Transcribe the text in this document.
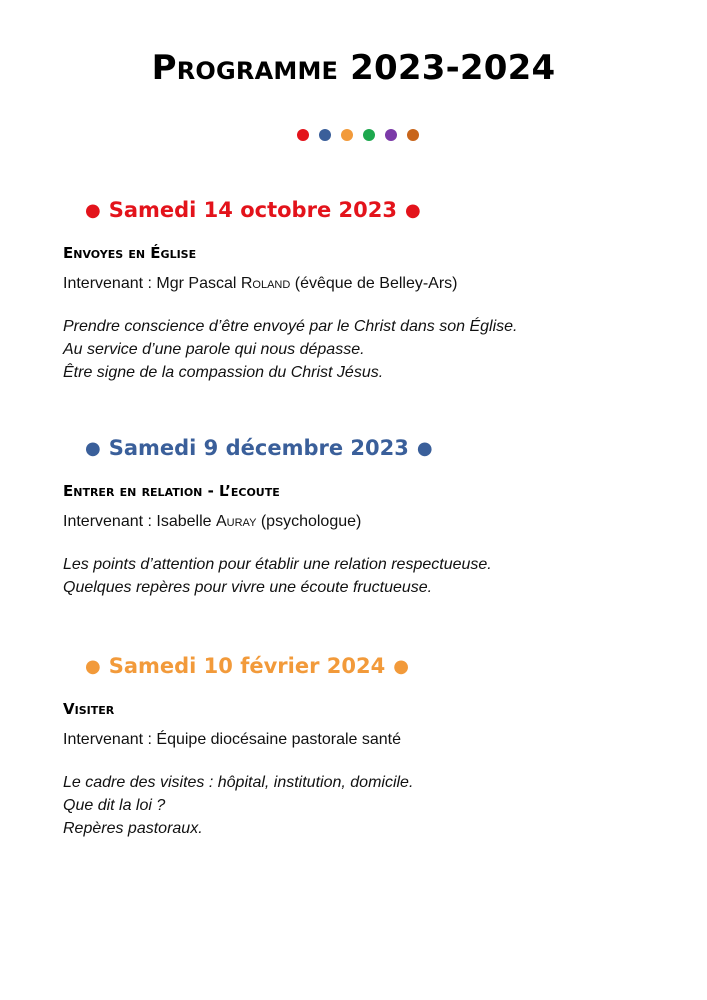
Programme 2023-2024

● Samedi 14 octobre 2023 ●

Envoyes en Église

Intervenant : Mgr Pascal Roland (évêque de Belley-Ars)

Prendre conscience d’être envoyé par le Christ dans son Église.
Au service d’une parole qui nous dépasse.
Être signe de la compassion du Christ Jésus.

● Samedi 9 décembre 2023 ●

Entrer en relation - L’ecoute

Intervenant : Isabelle Auray (psychologue)

Les points d’attention pour établir une relation respectueuse.
Quelques repères pour vivre une écoute fructueuse.

● Samedi 10 février 2024 ●

Visiter

Intervenant : Équipe diocésaine pastorale santé

Le cadre des visites : hôpital, institution, domicile.
Que dit la loi ?
Repères pastoraux.
